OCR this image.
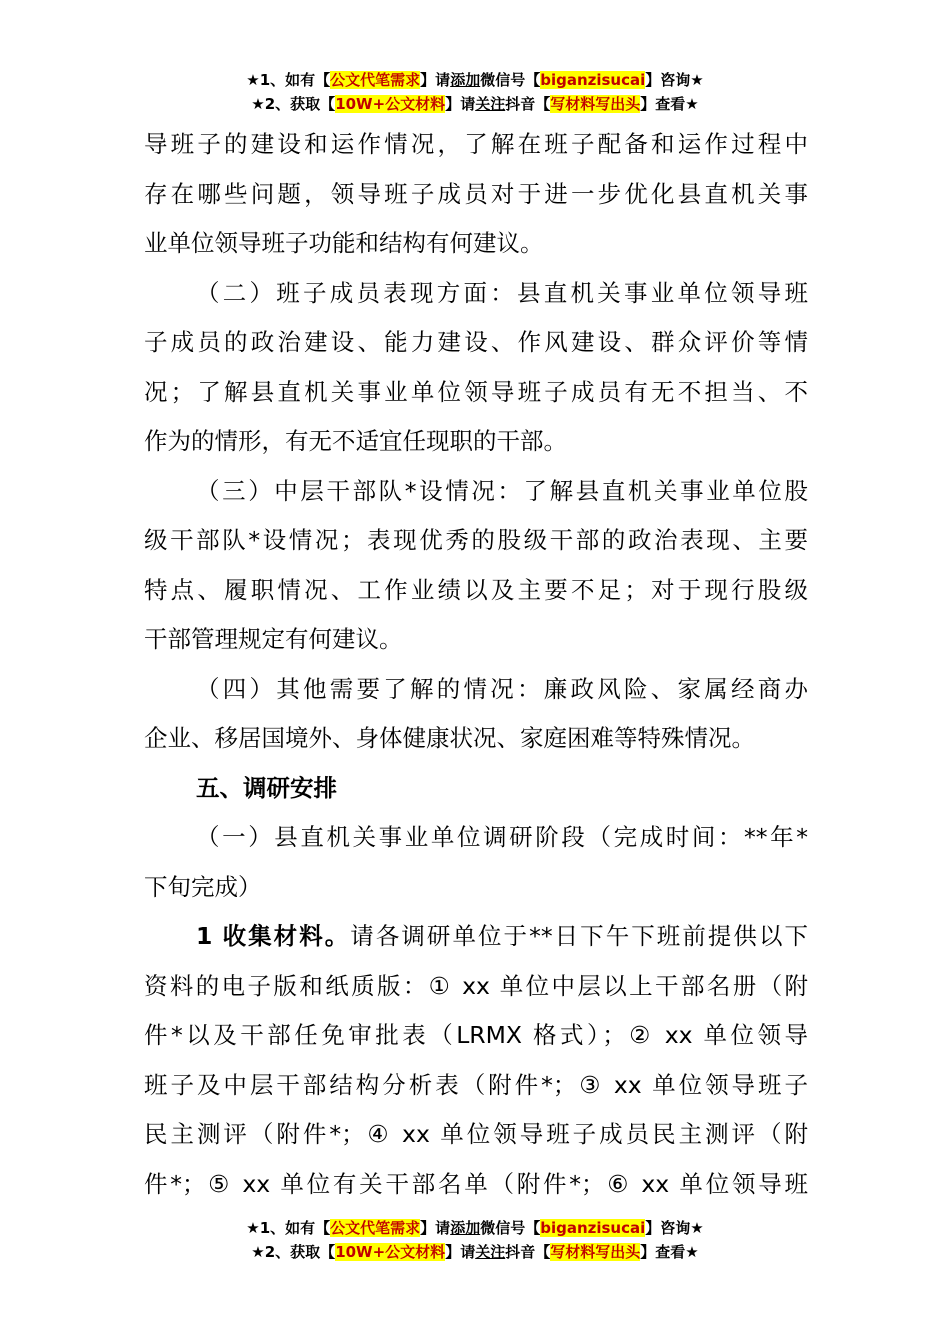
★1、如有【公文代笔需求】请添加微信号【biganzisucai】咨询★
★2、获取【10W+公文材料】请关注抖音【写材料写出头】查看★

导班子的建设和运作情况，了解在班子配备和运作过程中
存在哪些问题，领导班子成员对于进一步优化县直机关事
业单位领导班子功能和结构有何建议。

（二）班子成员表现方面：县直机关事业单位领导班
子成员的政治建设、能力建设、作风建设、群众评价等情
况；了解县直机关事业单位领导班子成员有无不担当、不
作为的情形，有无不适宜任现职的干部。

（三）中层干部队*设情况：了解县直机关事业单位股
级干部队*设情况；表现优秀的股级干部的政治表现、主要
特点、履职情况、工作业绩以及主要不足；对于现行股级
干部管理规定有何建议。

（四）其他需要了解的情况：廉政风险、家属经商办
企业、移居国境外、身体健康状况、家庭困难等特殊情况。

五、调研安排

（一）县直机关事业单位调研阶段（完成时间：**年*
下旬完成）

1 收集材料。请各调研单位于**日下午下班前提供以下
资料的电子版和纸质版：① xx 单位中层以上干部名册（附
件*以及干部任免审批表（LRMX 格式）；② xx 单位领导
班子及中层干部结构分析表（附件*；③ xx 单位领导班子
民主测评（附件*；④ xx 单位领导班子成员民主测评（附
件*；⑤ xx 单位有关干部名单（附件*；⑥ xx 单位领导班

★1、如有【公文代笔需求】请添加微信号【biganzisucai】咨询★
★2、获取【10W+公文材料】请关注抖音【写材料写出头】查看★
